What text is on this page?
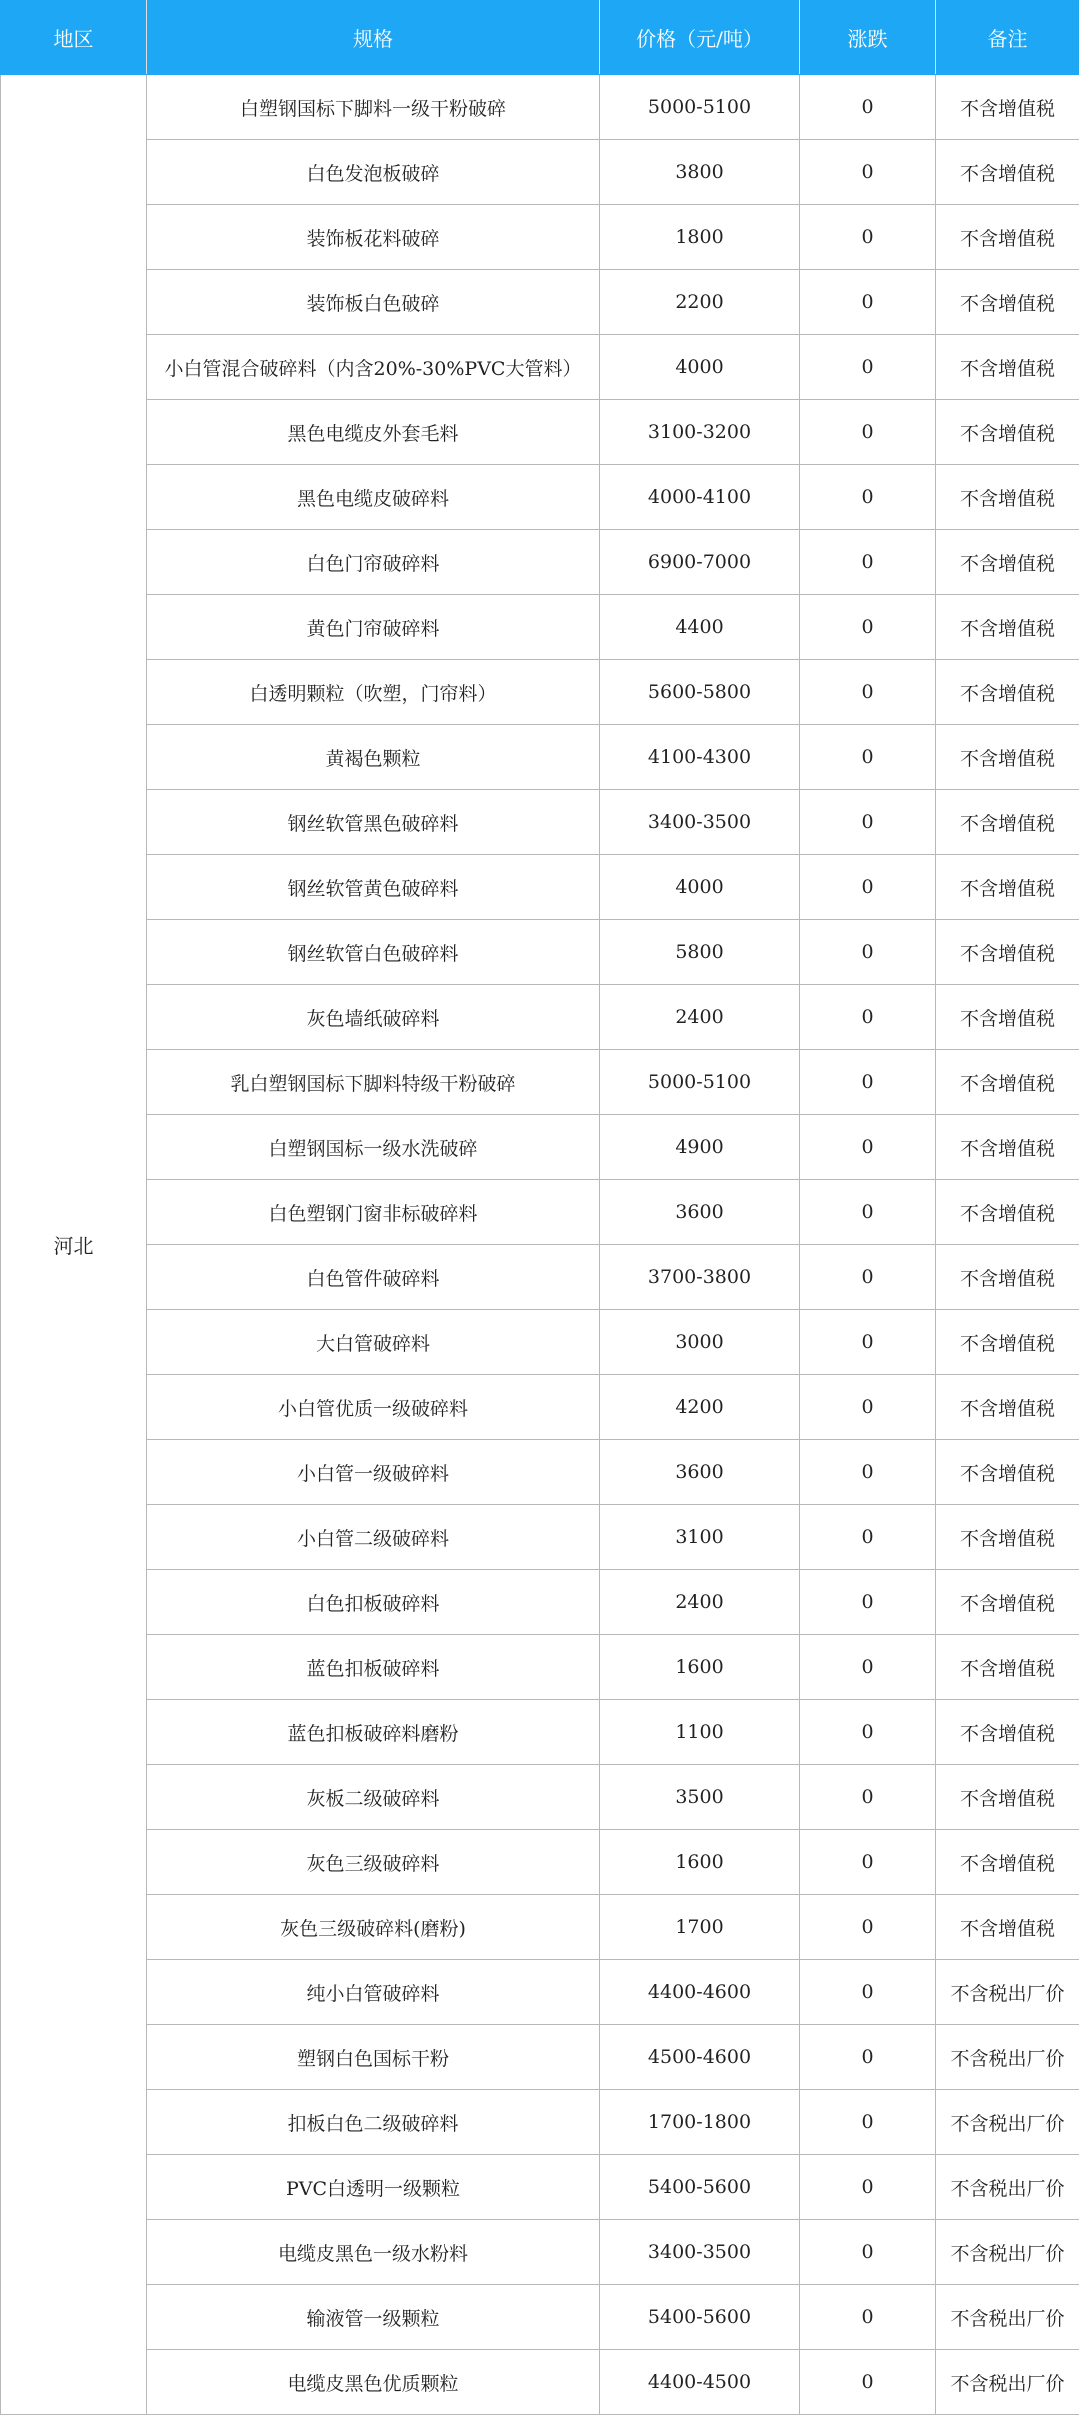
地区	规格	价格（元/吨）	涨跌	备注
河北	白塑钢国标下脚料一级干粉破碎	5000-5100	0	不含增值税
	白色发泡板破碎	3800	0	不含增值税
	装饰板花料破碎	1800	0	不含增值税
	装饰板白色破碎	2200	0	不含增值税
	小白管混合破碎料（内含20%-30%PVC大管料）	4000	0	不含增值税
	黑色电缆皮外套毛料	3100-3200	0	不含增值税
	黑色电缆皮破碎料	4000-4100	0	不含增值税
	白色门帘破碎料	6900-7000	0	不含增值税
	黄色门帘破碎料	4400	0	不含增值税
	白透明颗粒（吹塑，门帘料）	5600-5800	0	不含增值税
	黄褐色颗粒	4100-4300	0	不含增值税
	钢丝软管黑色破碎料	3400-3500	0	不含增值税
	钢丝软管黄色破碎料	4000	0	不含增值税
	钢丝软管白色破碎料	5800	0	不含增值税
	灰色墙纸破碎料	2400	0	不含增值税
	乳白塑钢国标下脚料特级干粉破碎	5000-5100	0	不含增值税
	白塑钢国标一级水洗破碎	4900	0	不含增值税
	白色塑钢门窗非标破碎料	3600	0	不含增值税
	白色管件破碎料	3700-3800	0	不含增值税
	大白管破碎料	3000	0	不含增值税
	小白管优质一级破碎料	4200	0	不含增值税
	小白管一级破碎料	3600	0	不含增值税
	小白管二级破碎料	3100	0	不含增值税
	白色扣板破碎料	2400	0	不含增值税
	蓝色扣板破碎料	1600	0	不含增值税
	蓝色扣板破碎料磨粉	1100	0	不含增值税
	灰板二级破碎料	3500	0	不含增值税
	灰色三级破碎料	1600	0	不含增值税
	灰色三级破碎料(磨粉)	1700	0	不含增值税
	纯小白管破碎料	4400-4600	0	不含税出厂价
	塑钢白色国标干粉	4500-4600	0	不含税出厂价
	扣板白色二级破碎料	1700-1800	0	不含税出厂价
	PVC白透明一级颗粒	5400-5600	0	不含税出厂价
	电缆皮黑色一级水粉料	3400-3500	0	不含税出厂价
	输液管一级颗粒	5400-5600	0	不含税出厂价
	电缆皮黑色优质颗粒	4400-4500	0	不含税出厂价
